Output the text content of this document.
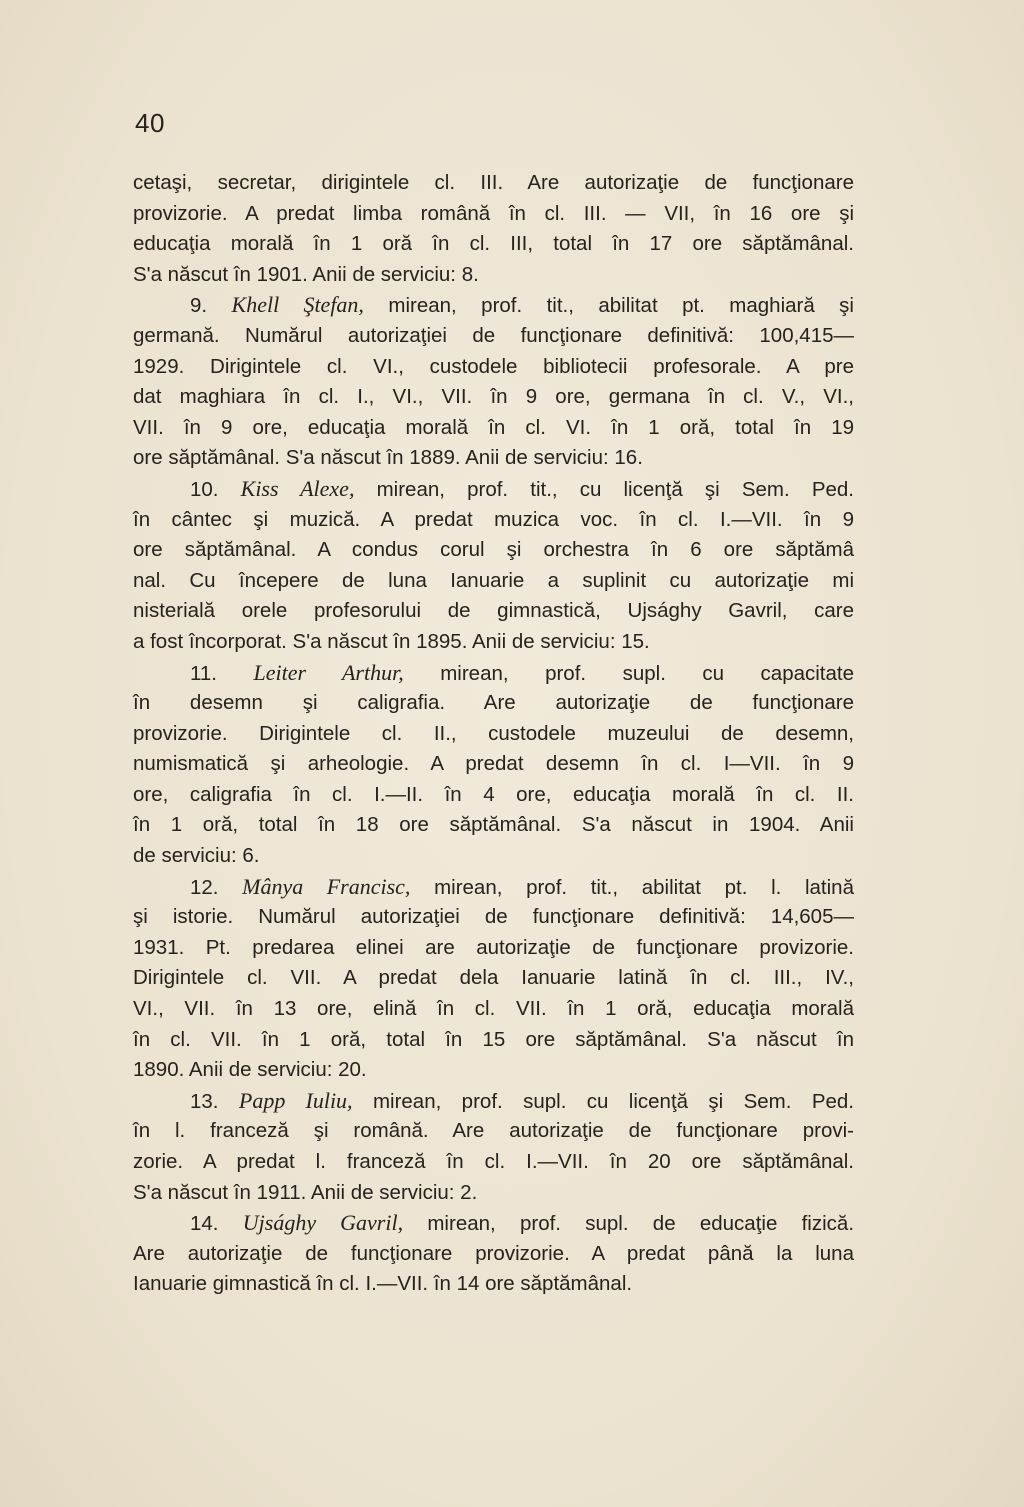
40
cetaşi, secretar, dirigintele cl. III. Are autorizaţie de funcţionare
provizorie. A predat limba română în cl. III. — VII, în 16 ore şi
educaţia morală în 1 oră în cl. III, total în 17 ore săptămânal.
S'a născut în 1901. Anii de serviciu: 8.
9. Khell Ştefan, mirean, prof. tit., abilitat pt. maghiară şi
germană. Numărul autorizaţiei de funcţionare definitivă: 100,415—
1929. Dirigintele cl. VI., custodele bibliotecii profesorale. A pre
dat maghiara în cl. I., VI., VII. în 9 ore, germana în cl. V., VI.,
VII. în 9 ore, educaţia morală în cl. VI. în 1 oră, total în 19
ore săptămânal. S'a născut în 1889. Anii de serviciu: 16.
10. Kiss Alexe, mirean, prof. tit., cu licenţă şi Sem. Ped.
în cântec şi muzică. A predat muzica voc. în cl. I.—VII. în 9
ore săptămânal. A condus corul şi orchestra în 6 ore săptămâ
nal. Cu începere de luna Ianuarie a suplinit cu autorizaţie mi
nisterială orele profesorului de gimnastică, Ujsághy Gavril, care
a fost încorporat. S'a născut în 1895. Anii de serviciu: 15.
11. Leiter Arthur, mirean, prof. supl. cu capacitate
în desemn şi caligrafia. Are autorizaţie de funcţionare
provizorie. Dirigintele cl. II., custodele muzeului de desemn,
numismatică şi arheologie. A predat desemn în cl. I—VII. în 9
ore, caligrafia în cl. I.—II. în 4 ore, educaţia morală în cl. II.
în 1 oră, total în 18 ore săptămânal. S'a născut in 1904. Anii
de serviciu: 6.
12. Mânya Francisc, mirean, prof. tit., abilitat pt. l. latină
şi istorie. Numărul autorizaţiei de funcţionare definitivă: 14,605—
1931. Pt. predarea elinei are autorizaţie de funcţionare provizorie.
Dirigintele cl. VII. A predat dela Ianuarie latină în cl. III., IV.,
VI., VII. în 13 ore, elină în cl. VII. în 1 oră, educaţia morală
în cl. VII. în 1 oră, total în 15 ore săptămânal. S'a născut în
1890. Anii de serviciu: 20.
13. Papp Iuliu, mirean, prof. supl. cu licenţă şi Sem. Ped.
în l. franceză şi română. Are autorizaţie de funcţionare provi-
zorie. A predat l. franceză în cl. I.—VII. în 20 ore săptămânal.
S'a născut în 1911. Anii de serviciu: 2.
14. Ujsághy Gavril, mirean, prof. supl. de educaţie fizică.
Are autorizaţie de funcţionare provizorie. A predat până la luna
Ianuarie gimnastică în cl. I.—VII. în 14 ore săptămânal.
